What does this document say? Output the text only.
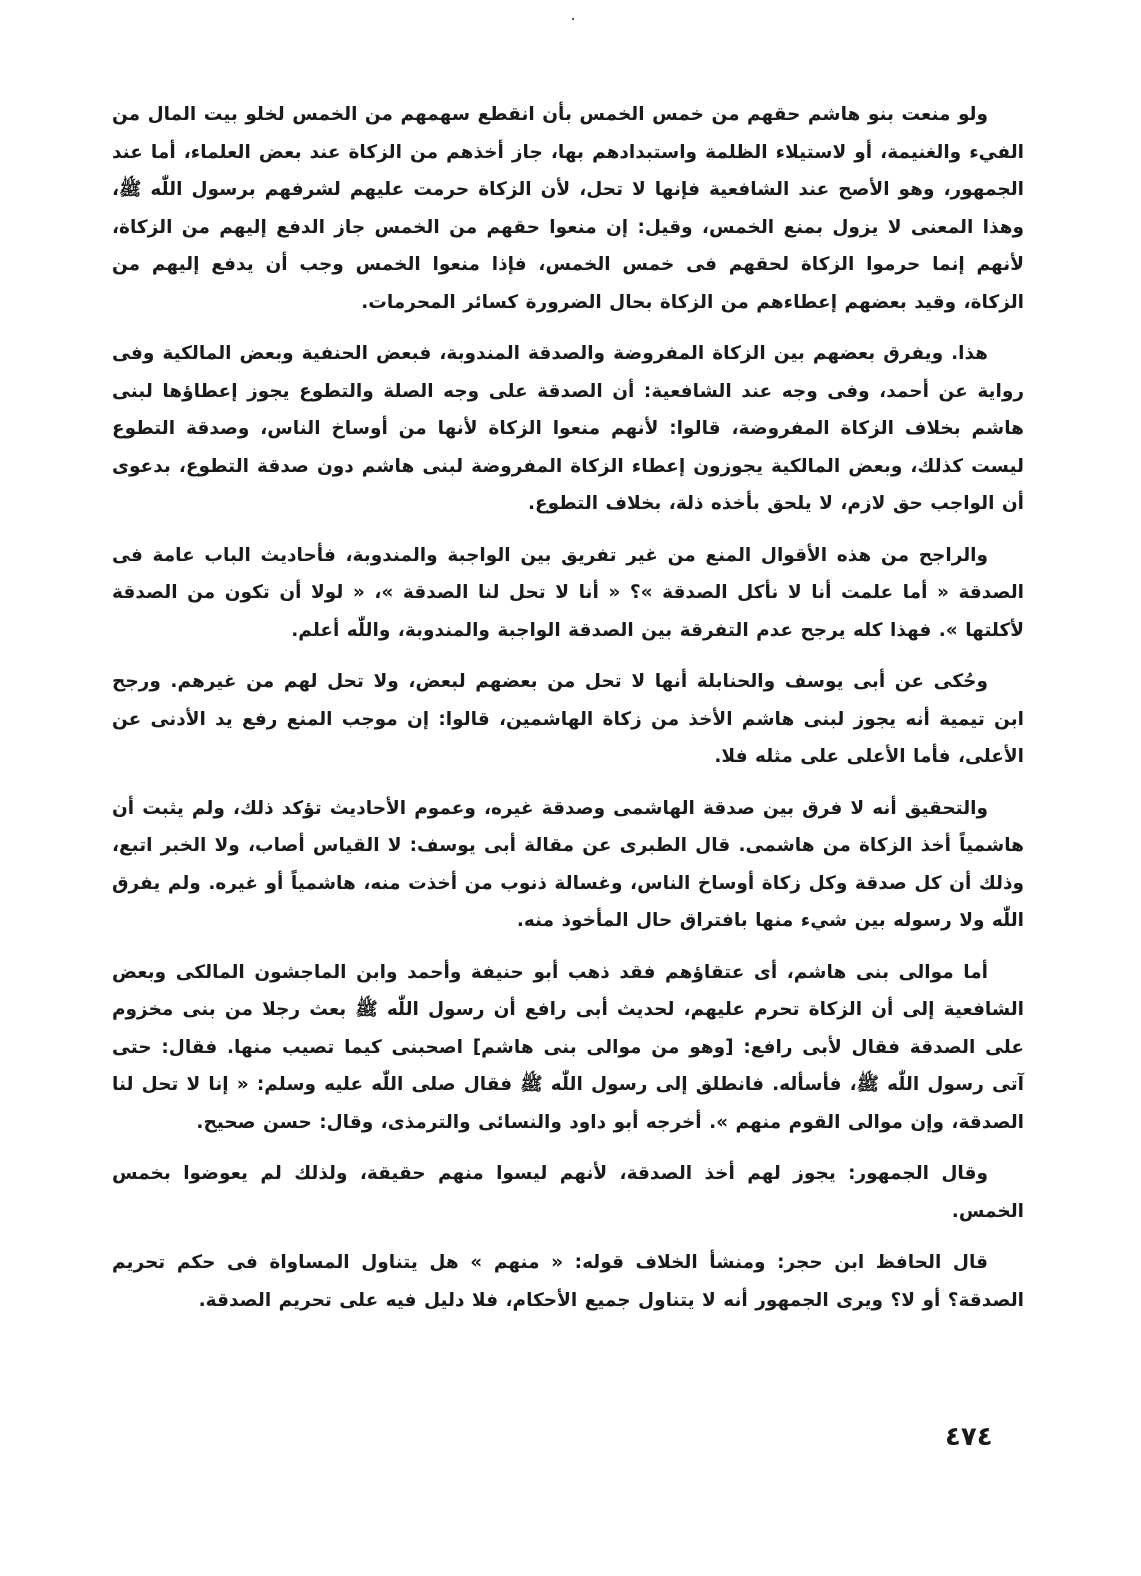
ولو منعت بنو هاشم حقهم من خمس الخمس بأن انقطع سهمهم من الخمس لخلو بيت المال من الفيء والغنيمة، أو لاستيلاء الظلمة واستبدادهم بها، جاز أخذهم من الزكاة عند بعض العلماء، أما عند الجمهور، وهو الأصح عند الشافعية فإنها لا تحل، لأن الزكاة حرمت عليهم لشرفهم برسول اللّٰه ﷺ، وهذا المعنى لا يزول بمنع الخمس، وقيل: إن منعوا حقهم من الخمس جاز الدفع إليهم من الزكاة، لأنهم إنما حرموا الزكاة لحقهم فى خمس الخمس، فإذا منعوا الخمس وجب أن يدفع إليهم من الزكاة، وقيد بعضهم إعطاءهم من الزكاة بحال الضرورة كسائر المحرمات.

هذا. ويفرق بعضهم بين الزكاة المفروضة والصدقة المندوبة، فبعض الحنفية وبعض المالكية وفى رواية عن أحمد، وفى وجه عند الشافعية: أن الصدقة على وجه الصلة والتطوع يجوز إعطاؤها لبنى هاشم بخلاف الزكاة المفروضة، قالوا: لأنهم منعوا الزكاة لأنها من أوساخ الناس، وصدقة التطوع ليست كذلك، وبعض المالكية يجوزون إعطاء الزكاة المفروضة لبنى هاشم دون صدقة التطوع، بدعوى أن الواجب حق لازم، لا يلحق بأخذه ذلة، بخلاف التطوع.

والراجح من هذه الأقوال المنع من غير تفريق بين الواجبة والمندوبة، فأحاديث الباب عامة فى الصدقة « أما علمت أنا لا نأكل الصدقة »؟ « أنا لا تحل لنا الصدقة »، « لولا أن تكون من الصدقة لأكلتها ». فهذا كله يرجح عدم التفرقة بين الصدقة الواجبة والمندوبة، واللّٰه أعلم.

وحُكى عن أبى يوسف والحنابلة أنها لا تحل من بعضهم لبعض، ولا تحل لهم من غيرهم. ورجح ابن تيمية أنه يجوز لبنى هاشم الأخذ من زكاة الهاشمين، قالوا: إن موجب المنع رفع يد الأدنى عن الأعلى، فأما الأعلى على مثله فلا.

والتحقيق أنه لا فرق بين صدقة الهاشمى وصدقة غيره، وعموم الأحاديث تؤكد ذلك، ولم يثبت أن هاشمياً أخذ الزكاة من هاشمى. قال الطبرى عن مقالة أبى يوسف: لا القياس أصاب، ولا الخبر اتبع، وذلك أن كل صدقة وكل زكاة أوساخ الناس، وغسالة ذنوب من أخذت منه، هاشمياً أو غيره. ولم يفرق اللّٰه ولا رسوله بين شيء منها بافتراق حال المأخوذ منه.

أما موالى بنى هاشم، أى عتقاؤهم فقد ذهب أبو حنيفة وأحمد وابن الماجشون المالكى وبعض الشافعية إلى أن الزكاة تحرم عليهم، لحديث أبى رافع أن رسول اللّٰه ﷺ بعث رجلا من بنى مخزوم على الصدقة فقال لأبى رافع: [وهو من موالى بنى هاشم] اصحبنى كيما تصيب منها. فقال: حتى آتى رسول اللّٰه ﷺ، فأسأله. فانطلق إلى رسول اللّٰه ﷺ فقال صلى اللّٰه عليه وسلم: « إنا لا تحل لنا الصدقة، وإن موالى القوم منهم ». أخرجه أبو داود والنسائى والترمذى، وقال: حسن صحيح.

وقال الجمهور: يجوز لهم أخذ الصدقة، لأنهم ليسوا منهم حقيقة، ولذلك لم يعوضوا بخمس الخمس.

قال الحافظ ابن حجر: ومنشأ الخلاف قوله: « منهم » هل يتناول المساواة فى حكم تحريم الصدقة؟ أو لا؟ ويرى الجمهور أنه لا يتناول جميع الأحكام، فلا دليل فيه على تحريم الصدقة.

٤٧٤
